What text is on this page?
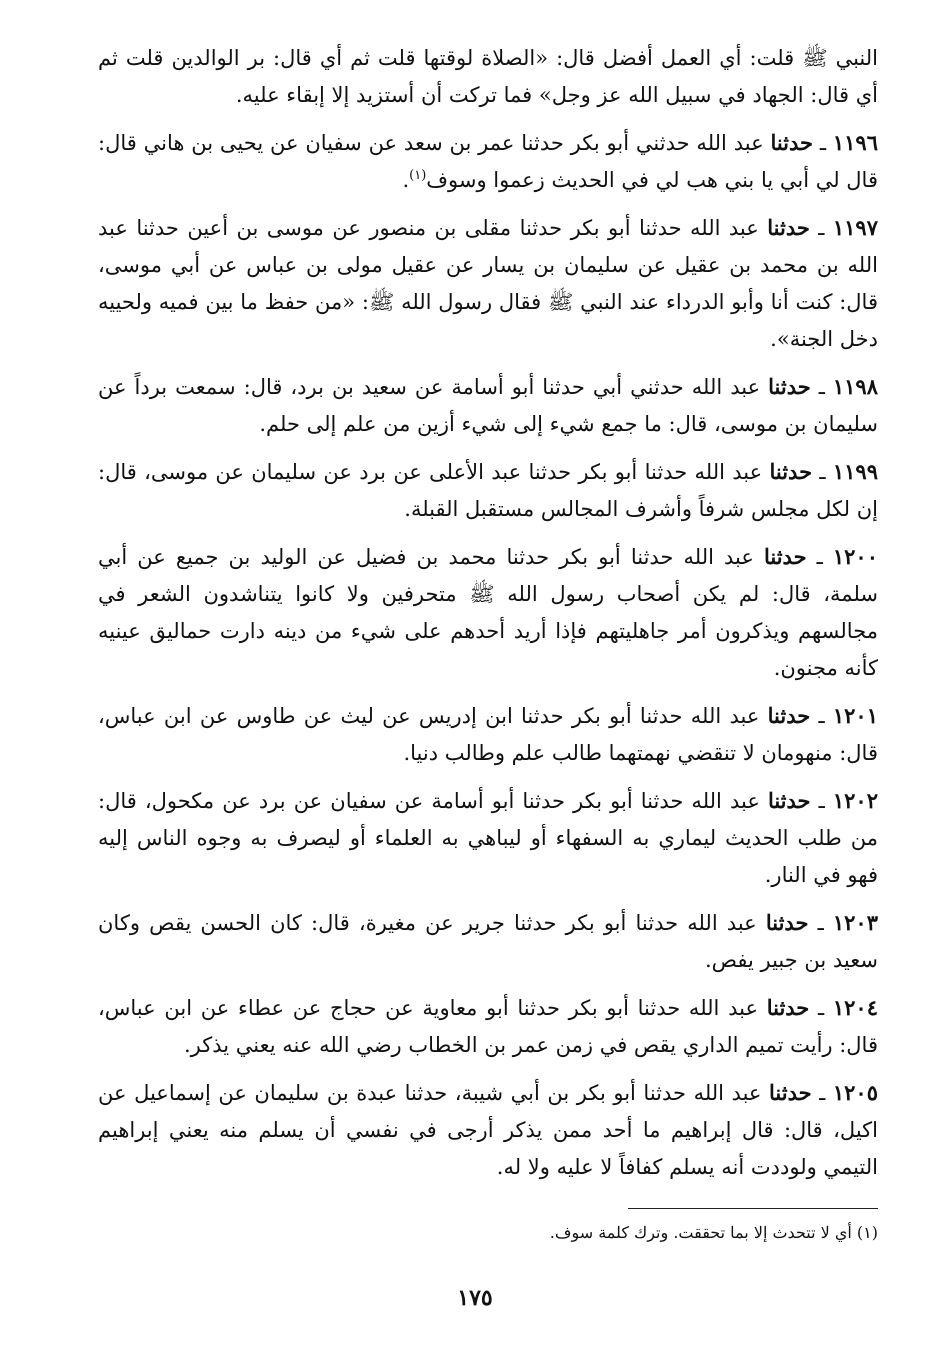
النبي ﷺ قلت: أي العمل أفضل قال: «الصلاة لوقتها قلت ثم أي قال: بر الوالدين قلت ثم أي قال: الجهاد في سبيل الله عز وجل» فما تركت أن أستزيد إلا إبقاء عليه.

١١٩٦ ـ حدثنا عبد الله حدثني أبو بكر حدثنا عمر بن سعد عن سفيان عن يحيى بن هاني قال: قال لي أبي يا بني هب لي في الحديث زعموا وسوف$^{(١)}$.

١١٩٧ ـ حدثنا عبد الله حدثنا أبو بكر حدثنا مقلى بن منصور عن موسى بن أعين حدثنا عبد الله بن محمد بن عقيل عن سليمان بن يسار عن عقيل مولى بن عباس عن أبي موسى، قال: كنت أنا وأبو الدرداء عند النبي ﷺ فقال رسول الله ﷺ: «من حفظ ما بين فميه ولحييه دخل الجنة».

١١٩٨ ـ حدثنا عبد الله حدثني أبي حدثنا أبو أسامة عن سعيد بن برد، قال: سمعت برداً عن سليمان بن موسى، قال: ما جمع شيء إلى شيء أزين من علم إلى حلم.

١١٩٩ ـ حدثنا عبد الله حدثنا أبو بكر حدثنا عبد الأعلى عن برد عن سليمان عن موسى، قال: إن لكل مجلس شرفاً وأشرف المجالس مستقبل القبلة.

١٢٠٠ ـ حدثنا عبد الله حدثنا أبو بكر حدثنا محمد بن فضيل عن الوليد بن جميع عن أبي سلمة، قال: لم يكن أصحاب رسول الله ﷺ متحرفين ولا كانوا يتناشدون الشعر في مجالسهم ويذكرون أمر جاهليتهم فإذا أريد أحدهم على شيء من دينه دارت حماليق عينيه كأنه مجنون.

١٢٠١ ـ حدثنا عبد الله حدثنا أبو بكر حدثنا ابن إدريس عن ليث عن طاوس عن ابن عباس، قال: منهومان لا تنقضي نهمتهما طالب علم وطالب دنيا.

١٢٠٢ ـ حدثنا عبد الله حدثنا أبو بكر حدثنا أبو أسامة عن سفيان عن برد عن مكحول، قال: من طلب الحديث ليماري به السفهاء أو ليباهي به العلماء أو ليصرف به وجوه الناس إليه فهو في النار.

١٢٠٣ ـ حدثنا عبد الله حدثنا أبو بكر حدثنا جرير عن مغيرة، قال: كان الحسن يقص وكان سعيد بن جبير يفص.

١٢٠٤ ـ حدثنا عبد الله حدثنا أبو بكر حدثنا أبو معاوية عن حجاج عن عطاء عن ابن عباس، قال: رأيت تميم الداري يقص في زمن عمر بن الخطاب رضي الله عنه يعني يذكر.

١٢٠٥ ـ حدثنا عبد الله حدثنا أبو بكر بن أبي شيبة، حدثنا عبدة بن سليمان عن إسماعيل عن اكيل، قال: قال إبراهيم ما أحد ممن يذكر أرجى في نفسي أن يسلم منه يعني إبراهيم التيمي ولوددت أنه يسلم كفافاً لا عليه ولا له.

(١) أي لا تتحدث إلا بما تحققت. وترك كلمة سوف.
١٧٥
